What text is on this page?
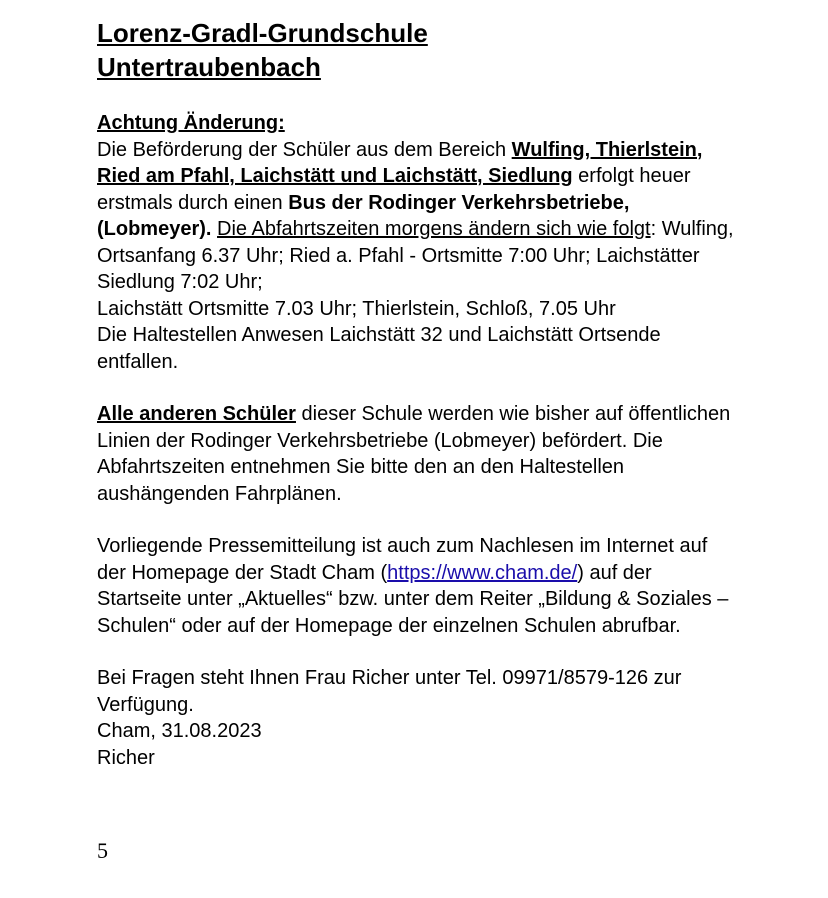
Lorenz-Gradl-Grundschule
Untertraubenbach

Achtung Änderung:

Die Beförderung der Schüler aus dem Bereich Wulfing, Thierlstein, Ried am Pfahl, Laichstätt und Laichstätt, Siedlung erfolgt heuer erstmals durch einen Bus der Rodinger Verkehrsbetriebe, (Lobmeyer). Die Abfahrtszeiten morgens ändern sich wie folgt: Wulfing, Ortsanfang 6.37 Uhr; Ried a. Pfahl - Ortsmitte 7:00 Uhr; Laichstätter Siedlung 7:02 Uhr;
Laichstätt Ortsmitte 7.03 Uhr; Thierlstein, Schloß, 7.05 Uhr
Die Haltestellen Anwesen Laichstätt 32 und Laichstätt Ortsende entfallen.

Alle anderen Schüler dieser Schule werden wie bisher auf öffentlichen Linien der Rodinger Verkehrsbetriebe (Lobmeyer) befördert. Die Abfahrtszeiten entnehmen Sie bitte den an den Haltestellen aushängenden Fahrplänen.

Vorliegende Pressemitteilung ist auch zum Nachlesen im Internet auf der Homepage der Stadt Cham (https://www.cham.de/) auf der Startseite unter „Aktuelles“ bzw. unter dem Reiter „Bildung & Soziales – Schulen“ oder auf der Homepage der einzelnen Schulen abrufbar.

Bei Fragen steht Ihnen Frau Richer unter Tel. 09971/8579-126 zur Verfügung.

Cham, 31.08.2023

Richer

5
